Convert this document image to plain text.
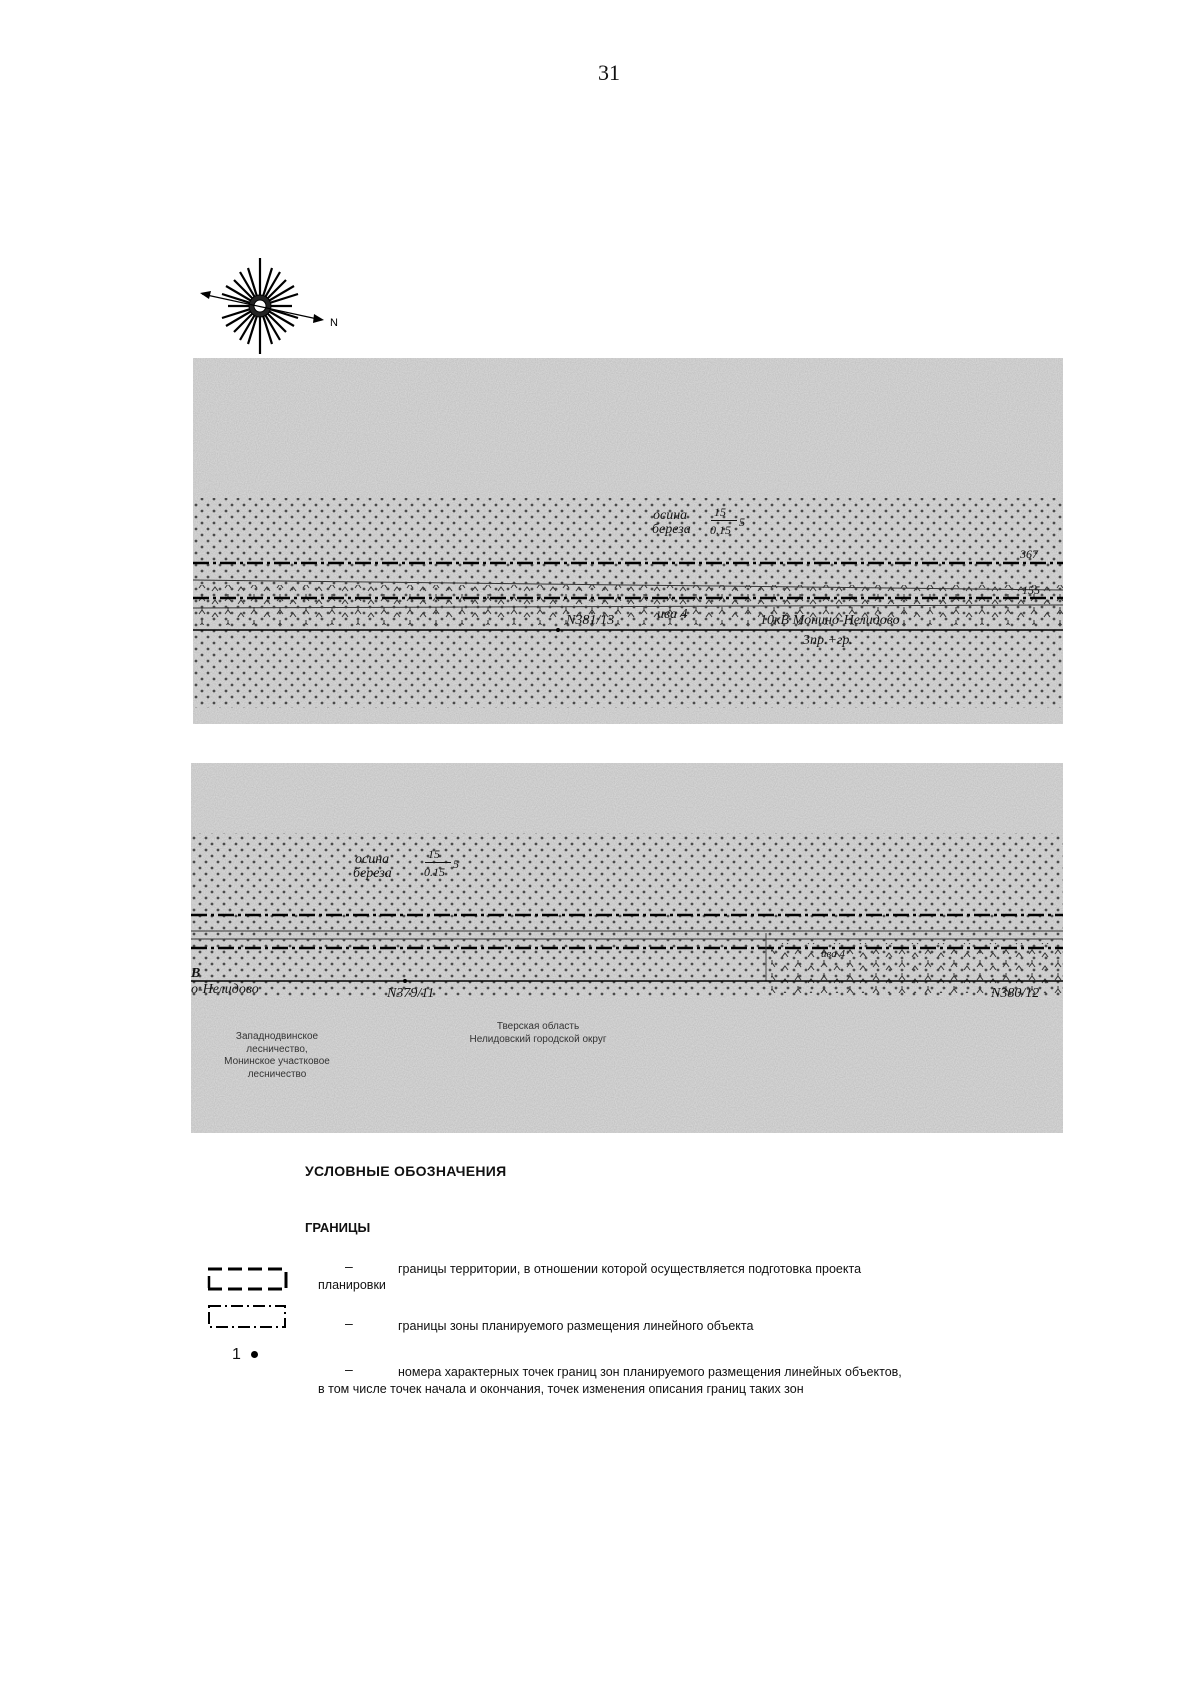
31
N
осина
береза
15
0.15
5
N381/13	ива 4	10кВ Монино-Нелидово
3пр.+гр.
367
155
осина
береза
15
0.15
5
В
о-Нелидово	N379/11	N380/12
ива 4
Западнодвинское
лесничество,
Монинское участковое
лесничество
Тверская область
Нелидовский городской округ
УСЛОВНЫЕ ОБОЗНАЧЕНИЯ
ГРАНИЦЫ
–	границы территории, в отношении которой осуществляется подготовка проекта
планировки
–	границы зоны планируемого размещения линейного объекта
1
–	номера характерных точек границ зон планируемого размещения линейных объектов,
в том числе точек начала и окончания, точек изменения описания границ таких зон
